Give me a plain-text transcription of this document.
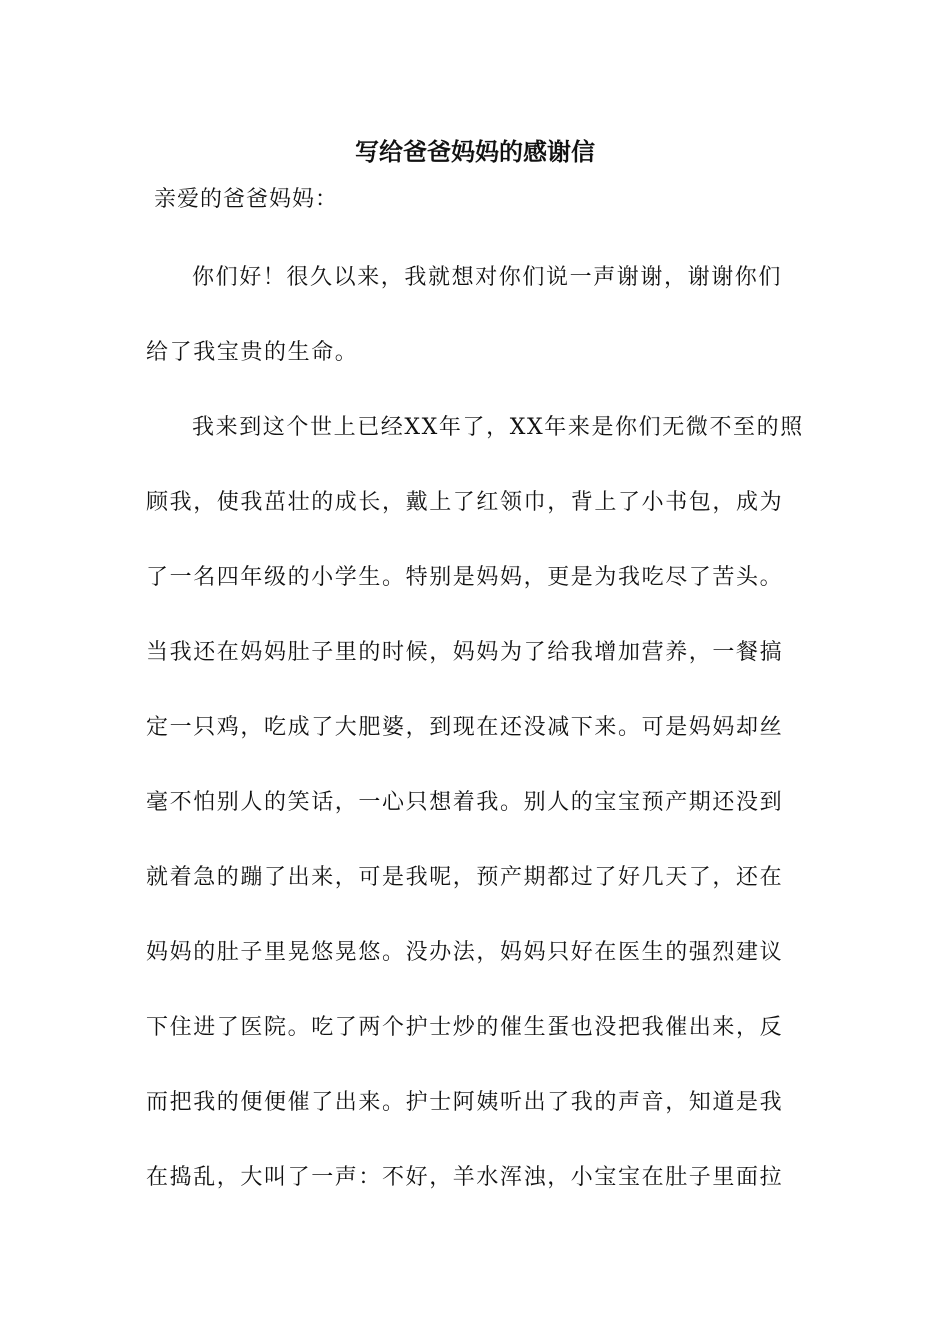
写给爸爸妈妈的感谢信
亲爱的爸爸妈妈：
你们好！很久以来，我就想对你们说一声谢谢，谢谢你们
给了我宝贵的生命。
我来到这个世上已经XX年了，XX年来是你们无微不至的照
顾我，使我茁壮的成长，戴上了红领巾，背上了小书包，成为
了一名四年级的小学生。特别是妈妈，更是为我吃尽了苦头。
当我还在妈妈肚子里的时候，妈妈为了给我增加营养，一餐搞
定一只鸡，吃成了大肥婆，到现在还没减下来。可是妈妈却丝
毫不怕别人的笑话，一心只想着我。别人的宝宝预产期还没到
就着急的蹦了出来，可是我呢，预产期都过了好几天了，还在
妈妈的肚子里晃悠晃悠。没办法，妈妈只好在医生的强烈建议
下住进了医院。吃了两个护士炒的催生蛋也没把我催出来，反
而把我的便便催了出来。护士阿姨听出了我的声音，知道是我
在捣乱，大叫了一声：不好，羊水浑浊，小宝宝在肚子里面拉
